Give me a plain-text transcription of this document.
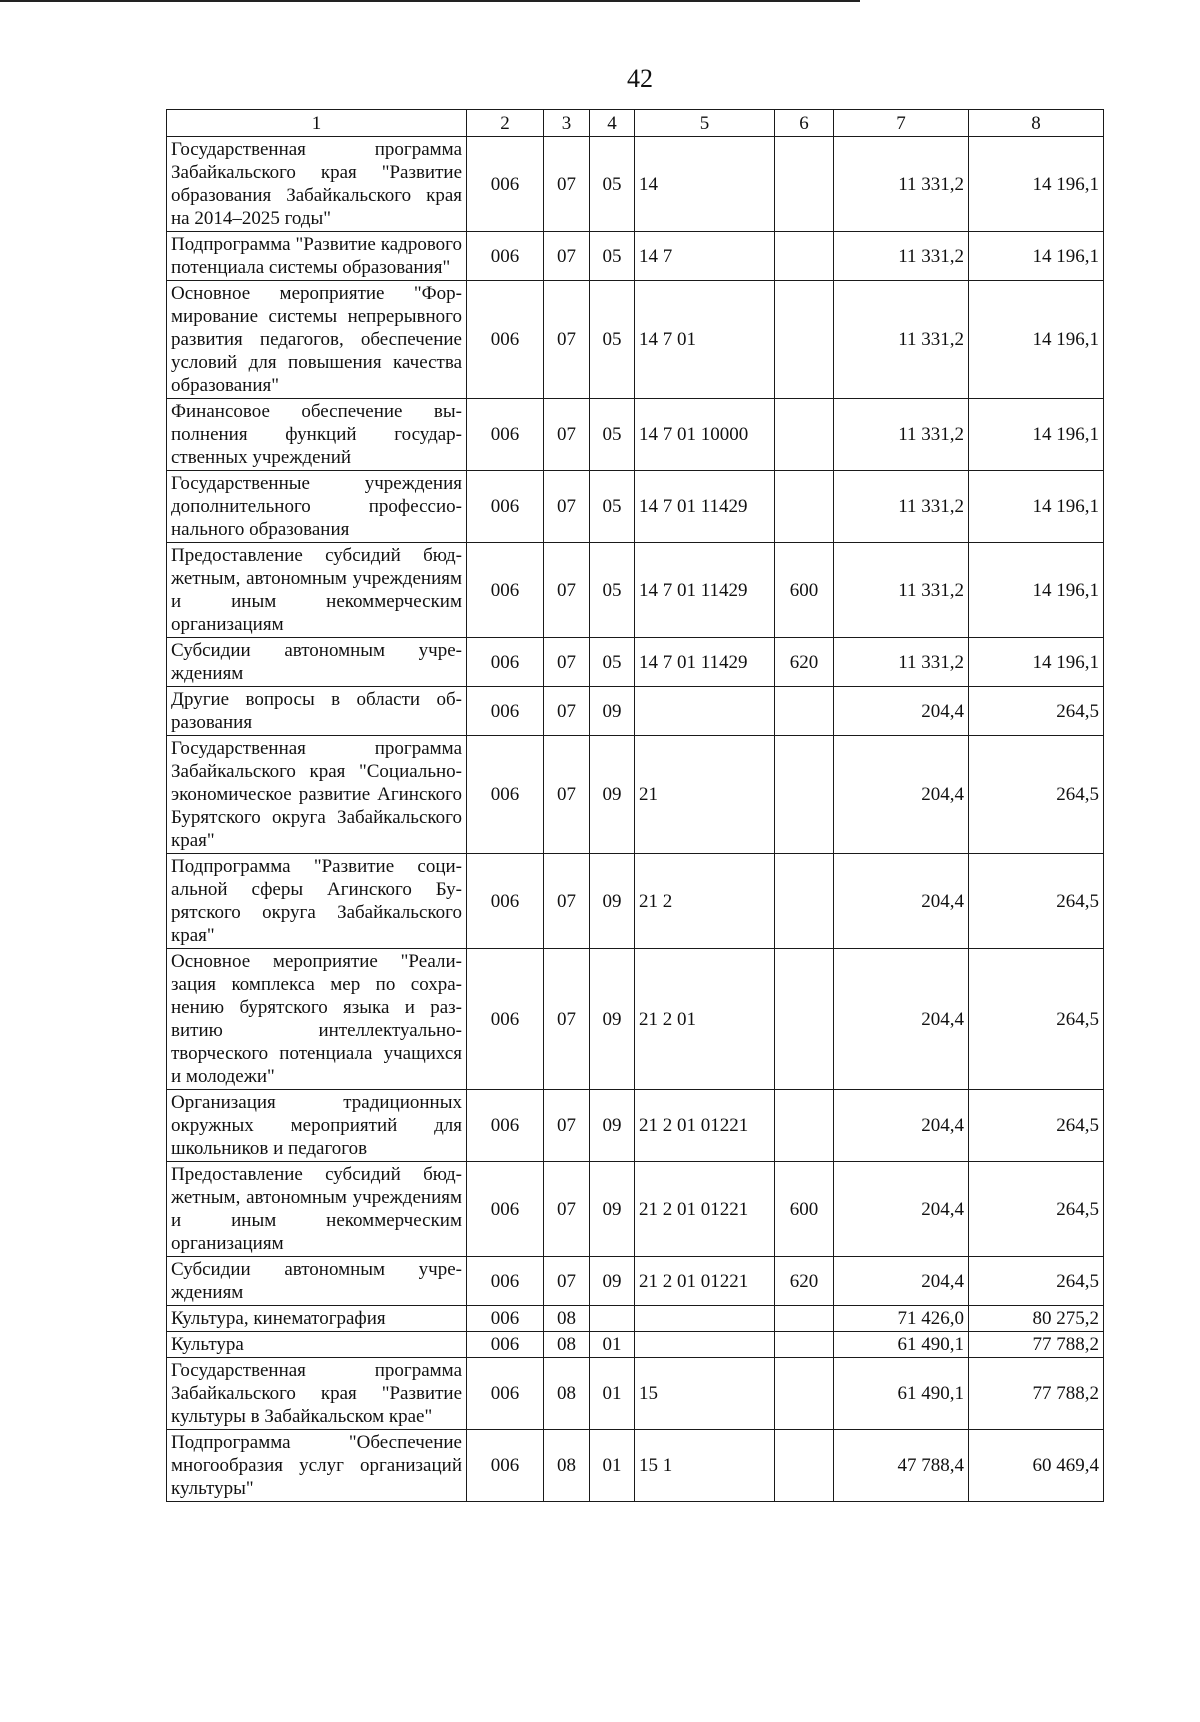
42
1	2	3	4	5	6	7	8
Государственная программа Забайкальского края "Развитие образования Забайкальского края на 2014–2025 годы"	006	07	05	14		11 331,2	14 196,1
Подпрограмма "Развитие кадрового потенциала системы образования"	006	07	05	14 7		11 331,2	14 196,1
Основное мероприятие "Формирование системы непрерывного развития педагогов, обеспечение условий для повышения качества образования"	006	07	05	14 7 01		11 331,2	14 196,1
Финансовое обеспечение выполнения функций государственных учреждений	006	07	05	14 7 01 10000		11 331,2	14 196,1
Государственные учреждения дополнительного профессионального образования	006	07	05	14 7 01 11429		11 331,2	14 196,1
Предоставление субсидий бюджетным, автономным учреждениям и иным некоммерческим организациям	006	07	05	14 7 01 11429	600	11 331,2	14 196,1
Субсидии автономным учреждениям	006	07	05	14 7 01 11429	620	11 331,2	14 196,1
Другие вопросы в области образования	006	07	09			204,4	264,5
Государственная программа Забайкальского края "Социально-экономическое развитие Агинского Бурятского округа Забайкальского края"	006	07	09	21		204,4	264,5
Подпрограмма "Развитие социальной сферы Агинского Бурятского округа Забайкальского края"	006	07	09	21 2		204,4	264,5
Основное мероприятие "Реализация комплекса мер по сохранению бурятского языка и развитию интеллектуально-творческого потенциала учащихся и молодежи"	006	07	09	21 2 01		204,4	264,5
Организация традиционных окружных мероприятий для школьников и педагогов	006	07	09	21 2 01 01221		204,4	264,5
Предоставление субсидий бюджетным, автономным учреждениям и иным некоммерческим организациям	006	07	09	21 2 01 01221	600	204,4	264,5
Субсидии автономным учреждениям	006	07	09	21 2 01 01221	620	204,4	264,5
Культура, кинематография	006	08				71 426,0	80 275,2
Культура	006	08	01			61 490,1	77 788,2
Государственная программа Забайкальского края "Развитие культуры в Забайкальском крае"	006	08	01	15		61 490,1	77 788,2
Подпрограмма "Обеспечение многообразия услуг организаций культуры"	006	08	01	15 1		47 788,4	60 469,4
